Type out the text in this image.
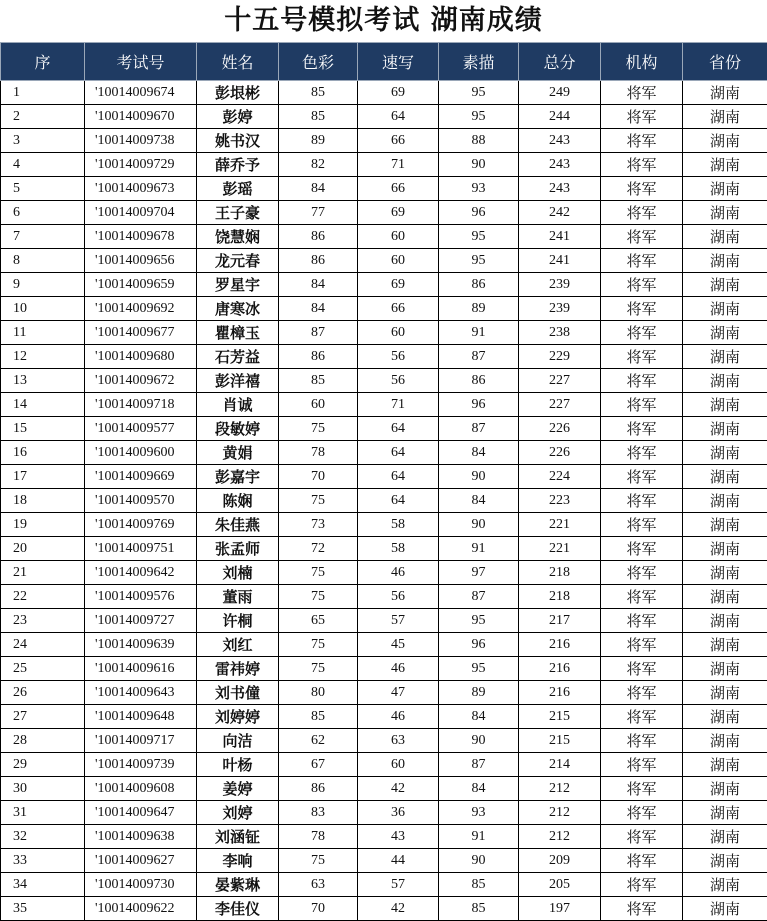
十五号模拟考试 湖南成绩
序	考试号	姓名	色彩	速写	素描	总分	机构	省份
1	'10014009674	彭垠彬	85	69	95	249	将军	湖南
2	'10014009670	彭婷	85	64	95	244	将军	湖南
3	'10014009738	姚书汉	89	66	88	243	将军	湖南
4	'10014009729	薛乔予	82	71	90	243	将军	湖南
5	'10014009673	彭瑶	84	66	93	243	将军	湖南
6	'10014009704	王子豪	77	69	96	242	将军	湖南
7	'10014009678	饶慧娴	86	60	95	241	将军	湖南
8	'10014009656	龙元春	86	60	95	241	将军	湖南
9	'10014009659	罗星宇	84	69	86	239	将军	湖南
10	'10014009692	唐寒冰	84	66	89	239	将军	湖南
11	'10014009677	瞿樟玉	87	60	91	238	将军	湖南
12	'10014009680	石芳益	86	56	87	229	将军	湖南
13	'10014009672	彭洋禧	85	56	86	227	将军	湖南
14	'10014009718	肖诚	60	71	96	227	将军	湖南
15	'10014009577	段敏婷	75	64	87	226	将军	湖南
16	'10014009600	黄娟	78	64	84	226	将军	湖南
17	'10014009669	彭嘉宇	70	64	90	224	将军	湖南
18	'10014009570	陈娴	75	64	84	223	将军	湖南
19	'10014009769	朱佳燕	73	58	90	221	将军	湖南
20	'10014009751	张孟师	72	58	91	221	将军	湖南
21	'10014009642	刘楠	75	46	97	218	将军	湖南
22	'10014009576	董雨	75	56	87	218	将军	湖南
23	'10014009727	许桐	65	57	95	217	将军	湖南
24	'10014009639	刘红	75	45	96	216	将军	湖南
25	'10014009616	雷祎婷	75	46	95	216	将军	湖南
26	'10014009643	刘书僮	80	47	89	216	将军	湖南
27	'10014009648	刘婷婷	85	46	84	215	将军	湖南
28	'10014009717	向洁	62	63	90	215	将军	湖南
29	'10014009739	叶杨	67	60	87	214	将军	湖南
30	'10014009608	姜婷	86	42	84	212	将军	湖南
31	'10014009647	刘婷	83	36	93	212	将军	湖南
32	'10014009638	刘涵钲	78	43	91	212	将军	湖南
33	'10014009627	李响	75	44	90	209	将军	湖南
34	'10014009730	晏紫琳	63	57	85	205	将军	湖南
35	'10014009622	李佳仪	70	42	85	197	将军	湖南
